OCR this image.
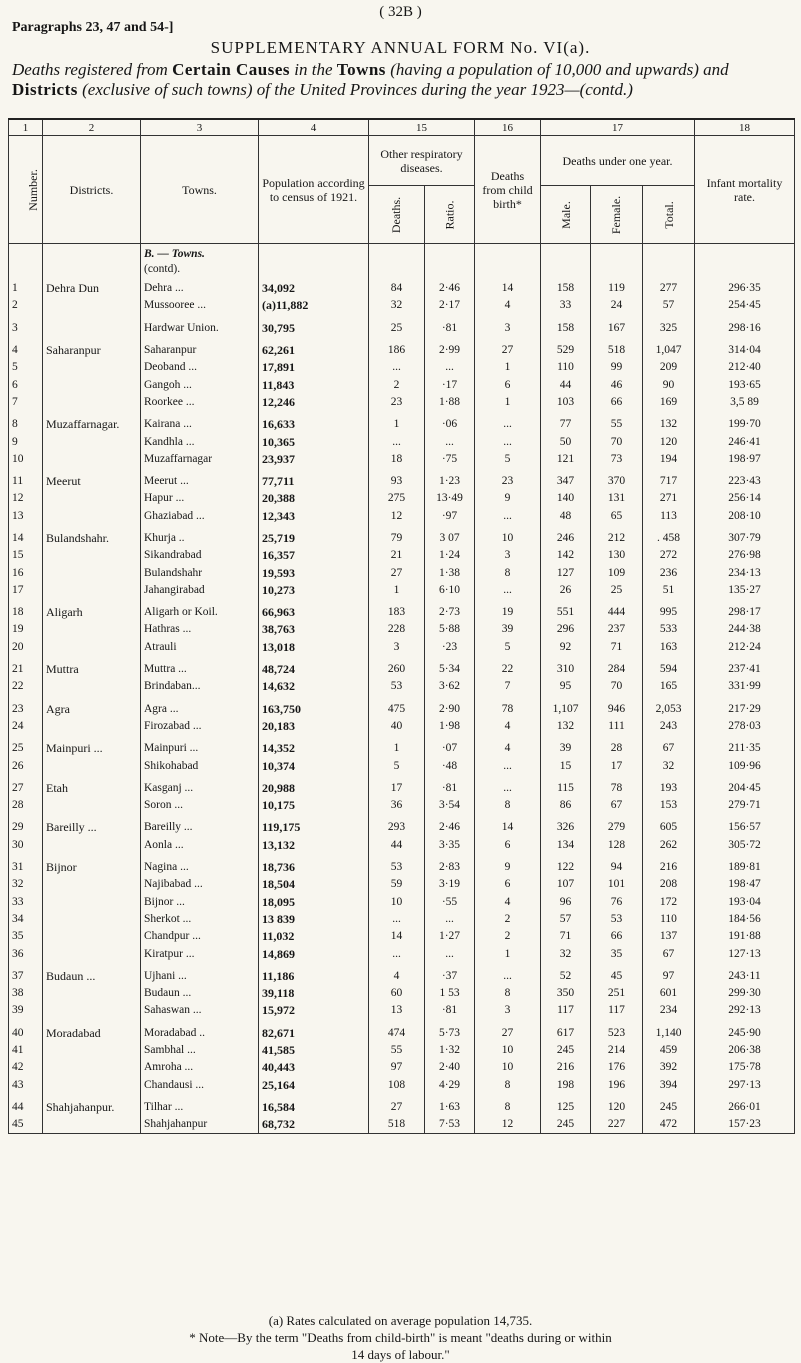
( 32B )
Paragraphs 23, 47 and 54-]
SUPPLEMENTARY ANNUAL FORM No. VI(a).
Deaths registered from Certain Causes in the Towns (having a population of 10,000 and upwards) and Districts (exclusive of such towns) of the United Provinces during the year 1923—(contd.)
1	2	3	4	15		16	17			18
Number.	Districts.	Towns.	Population according to census of 1921.	Other respiratory diseases.		Deaths from child birth*	Deaths under one year.			Infant mortality rate.
				Deaths.	Ratio.		Male.	Female.	Total.	
		B. — Towns.
(contd).								
1	Dehra Dun	Dehra ...	34,092	84	2·46	14	158	119	277	296·35
2		Mussooree ...	(a)11,882	32	2·17	4	33	24	57	254·45
3		Hardwar Union.	30,795	25	·81	3	158	167	325	298·16
4	Saharanpur	Saharanpur	62,261	186	2·99	27	529	518	1,047	314·04
5		Deoband ...	17,891	...	...	1	110	99	209	212·40
6		Gangoh ...	11,843	2	·17	6	44	46	90	193·65
7		Roorkee ...	12,246	23	1·88	1	103	66	169	3,5 89
8	Muzaffarnagar.	Kairana ...	16,633	1	·06	...	77	55	132	199·70
9		Kandhla ...	10,365	...	...	...	50	70	120	246·41
10		Muzaffarnagar	23,937	18	·75	5	121	73	194	198·97
11	Meerut	Meerut ...	77,711	93	1·23	23	347	370	717	223·43
12		Hapur ...	20,388	275	13·49	9	140	131	271	256·14
13		Ghaziabad ...	12,343	12	·97	...	48	65	113	208·10
14	Bulandshahr.	Khurja ..	25,719	79	3 07	10	246	212	. 458	307·79
15		Sikandrabad	16,357	21	1·24	3	142	130	272	276·98
16		Bulandshahr	19,593	27	1·38	8	127	109	236	234·13
17		Jahangirabad	10,273	1	6·10	...	26	25	51	135·27
18	Aligarh	Aligarh or Koil.	66,963	183	2·73	19	551	444	995	298·17
19		Hathras ...	38,763	228	5·88	39	296	237	533	244·38
20		Atrauli	13,018	3	·23	5	92	71	163	212·24
21	Muttra	Muttra ...	48,724	260	5·34	22	310	284	594	237·41
22		Brindaban...	14,632	53	3·62	7	95	70	165	331·99
23	Agra	Agra ...	163,750	475	2·90	78	1,107	946	2,053	217·29
24		Firozabad ...	20,183	40	1·98	4	132	111	243	278·03
25	Mainpuri ...	Mainpuri ...	14,352	1	·07	4	39	28	67	211·35
26		Shikohabad	10,374	5	·48	...	15	17	32	109·96
27	Etah	Kasganj ...	20,988	17	·81	...	115	78	193	204·45
28		Soron ...	10,175	36	3·54	8	86	67	153	279·71
29	Bareilly ...	Bareilly ...	119,175	293	2·46	14	326	279	605	156·57
30		Aonla ...	13,132	44	3·35	6	134	128	262	305·72
31	Bijnor	Nagina ...	18,736	53	2·83	9	122	94	216	189·81
32		Najibabad ...	18,504	59	3·19	6	107	101	208	198·47
33		Bijnor ...	18,095	10	·55	4	96	76	172	193·04
34		Sherkot ...	13 839	...	...	2	57	53	110	184·56
35		Chandpur ...	11,032	14	1·27	2	71	66	137	191·88
36		Kiratpur ...	14,869	...	...	1	32	35	67	127·13
37	Budaun ...	Ujhani ...	11,186	4	·37	...	52	45	97	243·11
38		Budaun ...	39,118	60	1 53	8	350	251	601	299·30
39		Sahaswan ...	15,972	13	·81	3	117	117	234	292·13
40	Moradabad	Moradabad ..	82,671	474	5·73	27	617	523	1,140	245·90
41		Sambhal ...	41,585	55	1·32	10	245	214	459	206·38
42		Amroha ...	40,443	97	2·40	10	216	176	392	175·78
43		Chandausi ...	25,164	108	4·29	8	198	196	394	297·13
44	Shahjahanpur.	Tilhar ...	16,584	27	1·63	8	125	120	245	266·01
45		Shahjahanpur	68,732	518	7·53	12	245	227	472	157·23
(a) Rates calculated on average population 14,735.
* Note—By the term "Deaths from child-birth" is meant "deaths during or within
14 days of labour."
